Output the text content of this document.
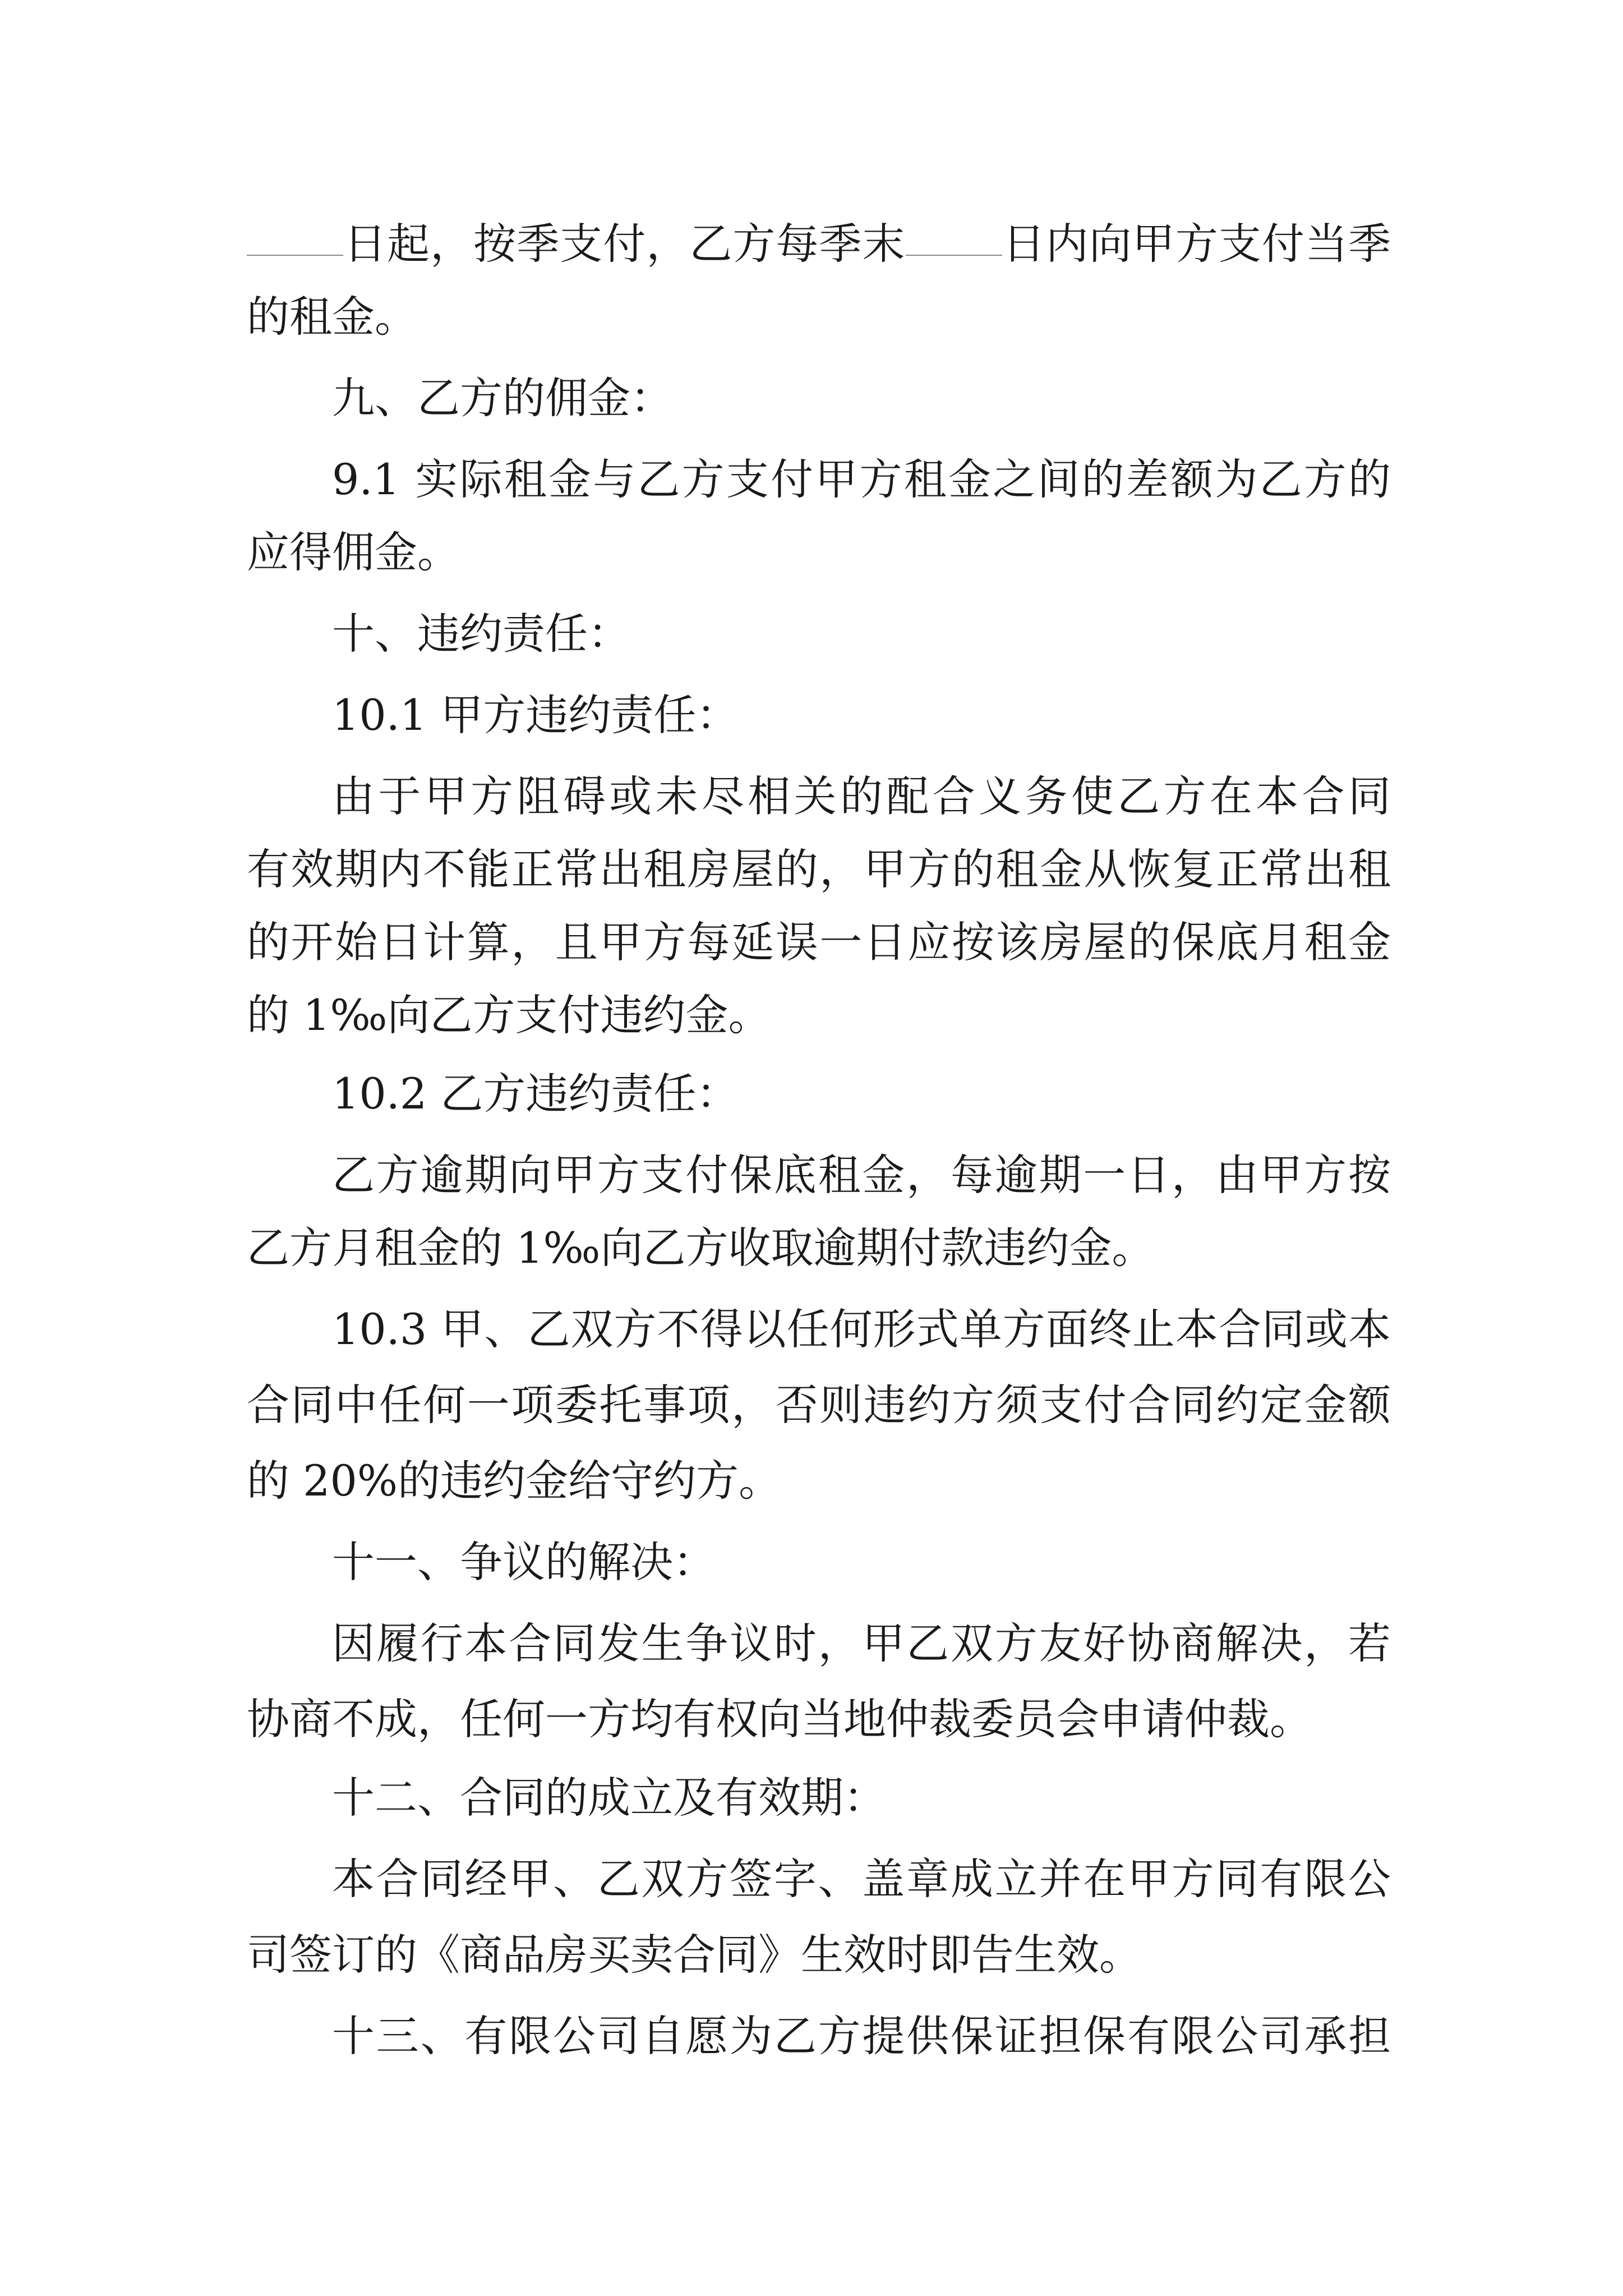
日起，按季支付，乙方每季末 日内向甲方支付当季
的租金。
九、乙方的佣金：
9.1 实际租金与乙方支付甲方租金之间的差额为乙方的
应得佣金。
十、违约责任：
10.1 甲方违约责任：
由于甲方阻碍或未尽相关的配合义务使乙方在本合同
有效期内不能正常出租房屋的，甲方的租金从恢复正常出租
的开始日计算，且甲方每延误一日应按该房屋的保底月租金
的 1‰向乙方支付违约金。
10.2 乙方违约责任：
乙方逾期向甲方支付保底租金，每逾期一日，由甲方按
乙方月租金的 1‰向乙方收取逾期付款违约金。
10.3 甲、乙双方不得以任何形式单方面终止本合同或本
合同中任何一项委托事项，否则违约方须支付合同约定金额
的 20%的违约金给守约方。
十一、争议的解决：
因履行本合同发生争议时，甲乙双方友好协商解决，若
协商不成，任何一方均有权向当地仲裁委员会申请仲裁。
十二、合同的成立及有效期：
本合同经甲、乙双方签字、盖章成立并在甲方同有限公
司签订的《商品房买卖合同》生效时即告生效。
十三、有限公司自愿为乙方提供保证担保有限公司承担
